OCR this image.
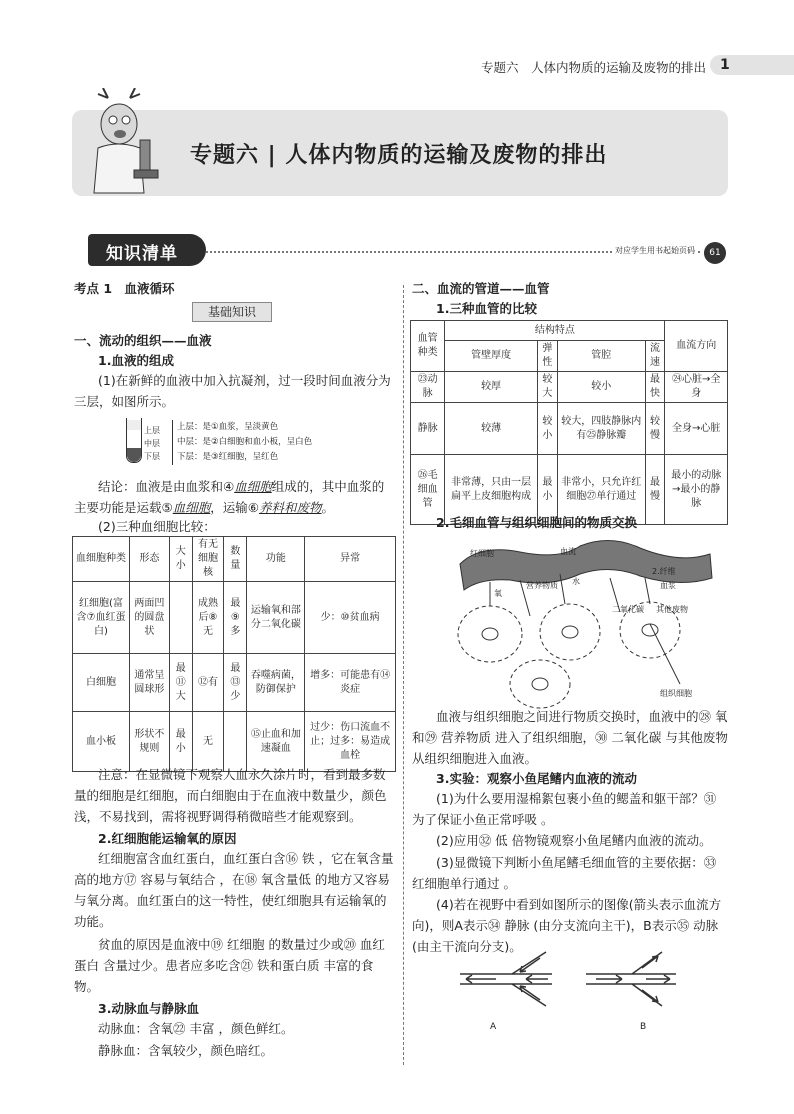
专题六　人体内物质的运输及废物的排出 1
专题六 | 人体内物质的运输及废物的排出
知识清单	对应学生用书起始页码	61
考点 1　血液循环
基础知识
一、流动的组织——血液
1.血液的组成
(1)在新鲜的血液中加入抗凝剂，过一段时间血液分为三层，如图所示。
上层
中层
下层
上层：是①血浆，呈淡黄色
中层：是②白细胞和血小板，呈白色
下层：是③红细胞，呈红色
结论：血液是由血浆和④血细胞组成的，其中血浆的主要功能是运载⑤血细胞，运输⑥养料和废物。
(2)三种血细胞比较：
血细胞种类	形态	大小	有无细胞核	数量	功能	异常
红细胞(富含⑦血红蛋白)	两面凹的圆盘状		成熟后⑧无	最⑨多	运输氧和部分二氧化碳	少：⑩贫血病
白细胞	通常呈圆球形	最⑪大	⑫有	最⑬少	吞噬病菌，防御保护	增多：可能患有⑭炎症
血小板	形状不规则	最小	无		⑮止血和加速凝血	过少：伤口流血不止；过多：易造成血栓
注意：在显微镜下观察人血永久涂片时，看到最多数量的细胞是红细胞，而白细胞由于在血液中数量少，颜色浅，不易找到，需将视野调得稍微暗些才能观察到。
2.红细胞能运输氧的原因
红细胞富含血红蛋白，血红蛋白含⑯ 铁 ，它在氧含量高的地方⑰ 容易与氧结合 ，在⑱ 氧含量低 的地方又容易与氧分离。血红蛋白的这一特性，使红细胞具有运输氧的功能。
贫血的原因是血液中⑲ 红细胞 的数量过少或⑳ 血红蛋白 含量过少。患者应多吃含㉑ 铁和蛋白质 丰富的食物。
3.动脉血与静脉血
动脉血：含氧㉒ 丰富 ，颜色鲜红。
静脉血：含氧较少，颜色暗红。
二、血流的管道——血管
1.三种血管的比较
血管种类	结构特点				血流方向
	管壁厚度	弹性	管腔	流速	
㉓动脉	较厚	较大	较小	最快	㉔心脏→全身
静脉	较薄	较小	较大，四肢静脉内有㉕静脉瓣	较慢	全身→心脏
㉖毛细血管	非常薄，只由一层扁平上皮细胞构成	最小	非常小，只允许红细胞㉗单行通过	最慢	最小的动脉→最小的静脉
2.毛细血管与组织细胞间的物质交换
红细胞	血流
2.纤维
血浆
氧
营养物质 水
二氧化碳 其他废物
组织细胞
血液与组织细胞之间进行物质交换时，血液中的㉘ 氧 和㉙ 营养物质 进入了组织细胞，㉚ 二氧化碳 与其他废物从组织细胞进入血液。
3.实验：观察小鱼尾鳍内血液的流动
(1)为什么要用湿棉絮包裹小鱼的鳃盖和躯干部？㉛ 为了保证小鱼正常呼吸 。
(2)应用㉜ 低 倍物镜观察小鱼尾鳍内血液的流动。
(3)显微镜下判断小鱼尾鳍毛细血管的主要依据：㉝ 红细胞单行通过 。
(4)若在视野中看到如图所示的图像(箭头表示血流方向)，则A表示㉞ 静脉 (由分支流向主干)，B表示㉟ 动脉 (由主干流向分支)。
A	B
